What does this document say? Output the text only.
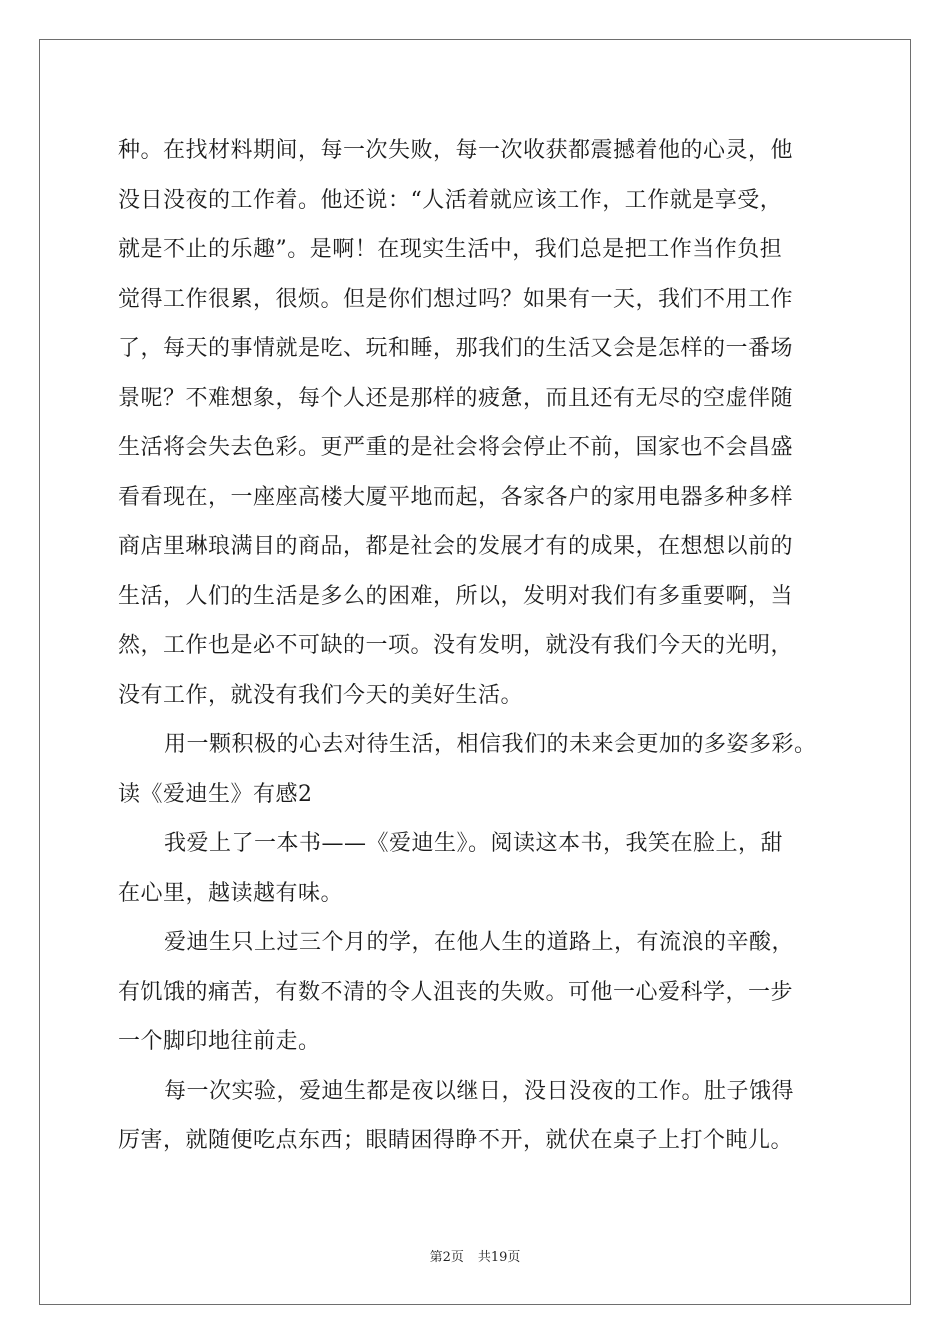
种。在找材料期间，每一次失败，每一次收获都震撼着他的心灵，他
没日没夜的工作着。他还说：“人活着就应该工作，工作就是享受，
就是不止的乐趣”。是啊！在现实生活中，我们总是把工作当作负担
觉得工作很累，很烦。但是你们想过吗？如果有一天，我们不用工作
了，每天的事情就是吃、玩和睡，那我们的生活又会是怎样的一番场
景呢？不难想象，每个人还是那样的疲惫，而且还有无尽的空虚伴随
生活将会失去色彩。更严重的是社会将会停止不前，国家也不会昌盛
看看现在，一座座高楼大厦平地而起，各家各户的家用电器多种多样
商店里琳琅满目的商品，都是社会的发展才有的成果，在想想以前的
生活，人们的生活是多么的困难，所以，发明对我们有多重要啊，当
然，工作也是必不可缺的一项。没有发明，就没有我们今天的光明，
没有工作，就没有我们今天的美好生活。
用一颗积极的心去对待生活，相信我们的未来会更加的多姿多彩。
读《爱迪生》有感2
我爱上了一本书——《爱迪生》。阅读这本书，我笑在脸上，甜
在心里，越读越有味。
爱迪生只上过三个月的学，在他人生的道路上，有流浪的辛酸，
有饥饿的痛苦，有数不清的令人沮丧的失败。可他一心爱科学，一步
一个脚印地往前走。
每一次实验，爱迪生都是夜以继日，没日没夜的工作。肚子饿得
厉害，就随便吃点东西；眼睛困得睁不开，就伏在桌子上打个盹儿。
第2页 共19页
